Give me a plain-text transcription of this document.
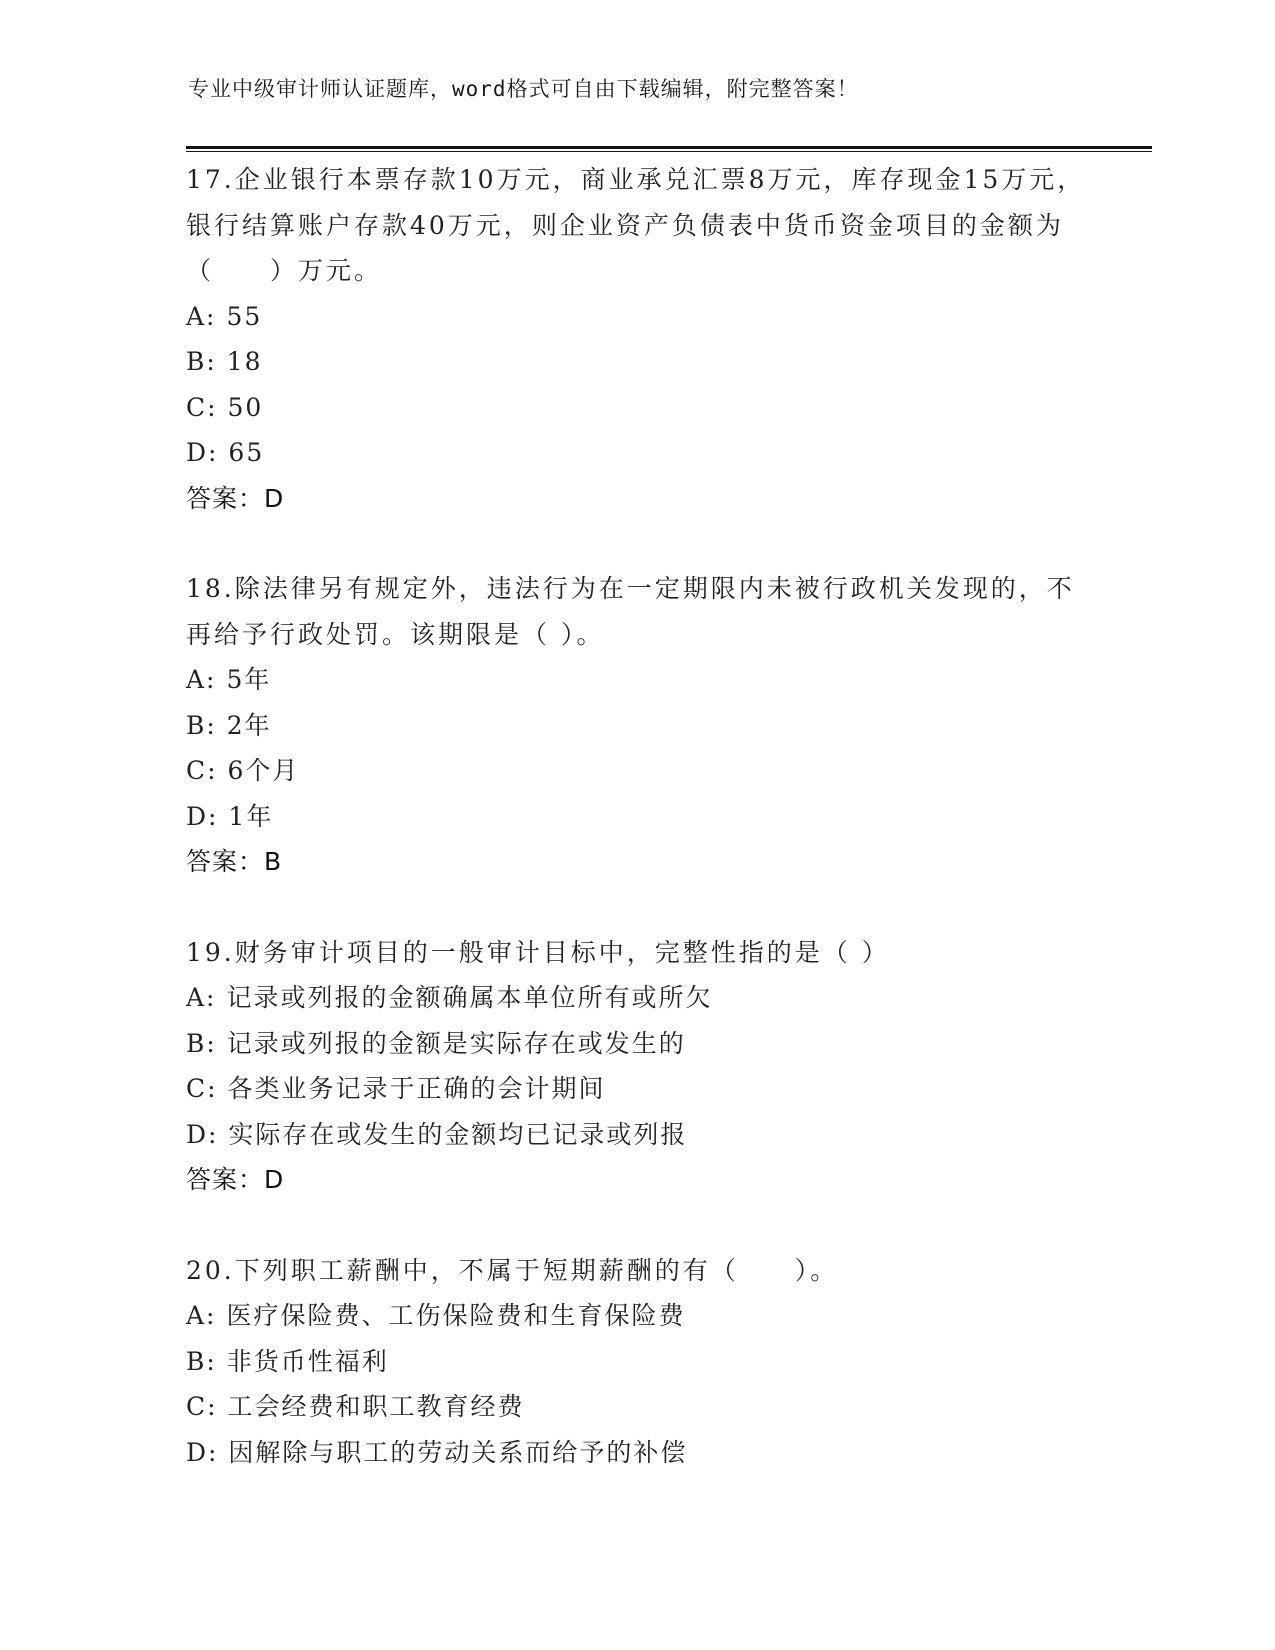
专业中级审计师认证题库，word格式可自由下载编辑，附完整答案！
17.企业银行本票存款10万元，商业承兑汇票8万元，库存现金15万元，银行结算账户存款40万元，则企业资产负债表中货币资金项目的金额为（　　）万元。
A: 55
B: 18
C: 50
D: 65
答案：D
18.除法律另有规定外，违法行为在一定期限内未被行政机关发现的，不再给予行政处罚。该期限是（ ）。
A: 5年
B: 2年
C: 6个月
D: 1年
答案：B
19.财务审计项目的一般审计目标中，完整性指的是（ ）
A: 记录或列报的金额确属本单位所有或所欠
B: 记录或列报的金额是实际存在或发生的
C: 各类业务记录于正确的会计期间
D: 实际存在或发生的金额均已记录或列报
答案：D
20.下列职工薪酬中，不属于短期薪酬的有（　　）。
A: 医疗保险费、工伤保险费和生育保险费
B: 非货币性福利
C: 工会经费和职工教育经费
D: 因解除与职工的劳动关系而给予的补偿
